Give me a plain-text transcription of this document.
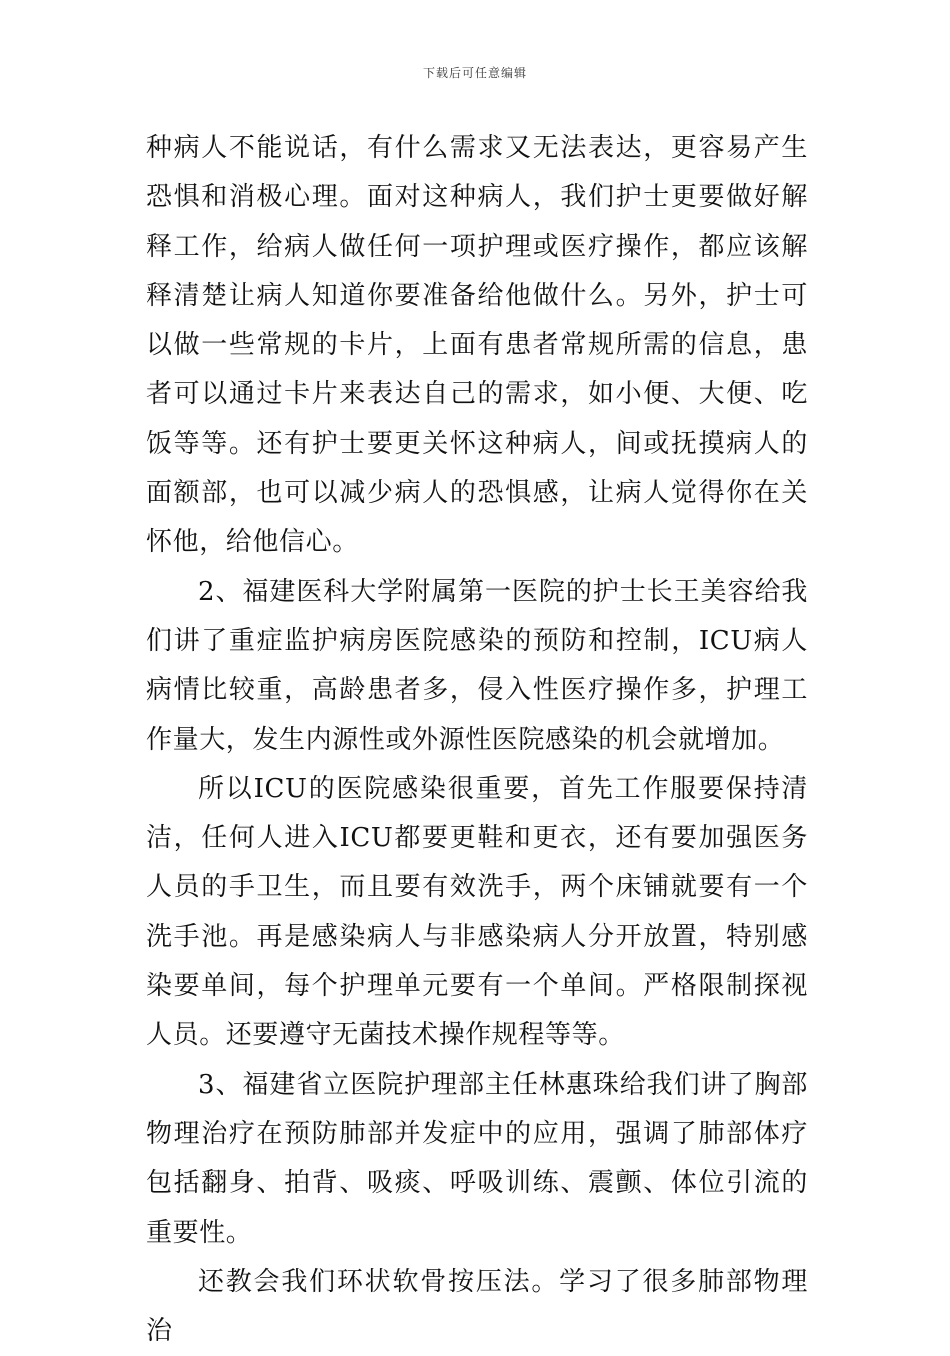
下载后可任意编辑

种病人不能说话，有什么需求又无法表达，更容易产生恐惧和消极心理。面对这种病人，我们护士更要做好解释工作，给病人做任何一项护理或医疗操作，都应该解释清楚让病人知道你要准备给他做什么。另外，护士可以做一些常规的卡片，上面有患者常规所需的信息，患者可以通过卡片来表达自己的需求，如小便、大便、吃饭等等。还有护士要更关怀这种病人，间或抚摸病人的面额部，也可以减少病人的恐惧感，让病人觉得你在关怀他，给他信心。

2、福建医科大学附属第一医院的护士长王美容给我们讲了重症监护病房医院感染的预防和控制，ICU病人病情比较重，高龄患者多，侵入性医疗操作多，护理工作量大，发生内源性或外源性医院感染的机会就增加。

所以ICU的医院感染很重要，首先工作服要保持清洁，任何人进入ICU都要更鞋和更衣，还有要加强医务人员的手卫生，而且要有效洗手，两个床铺就要有一个洗手池。再是感染病人与非感染病人分开放置，特别感染要单间，每个护理单元要有一个单间。严格限制探视人员。还要遵守无菌技术操作规程等等。

3、福建省立医院护理部主任林惠珠给我们讲了胸部物理治疗在预防肺部并发症中的应用，强调了肺部体疗包括翻身、拍背、吸痰、呼吸训练、震颤、体位引流的重要性。

还教会我们环状软骨按压法。学习了很多肺部物理治
